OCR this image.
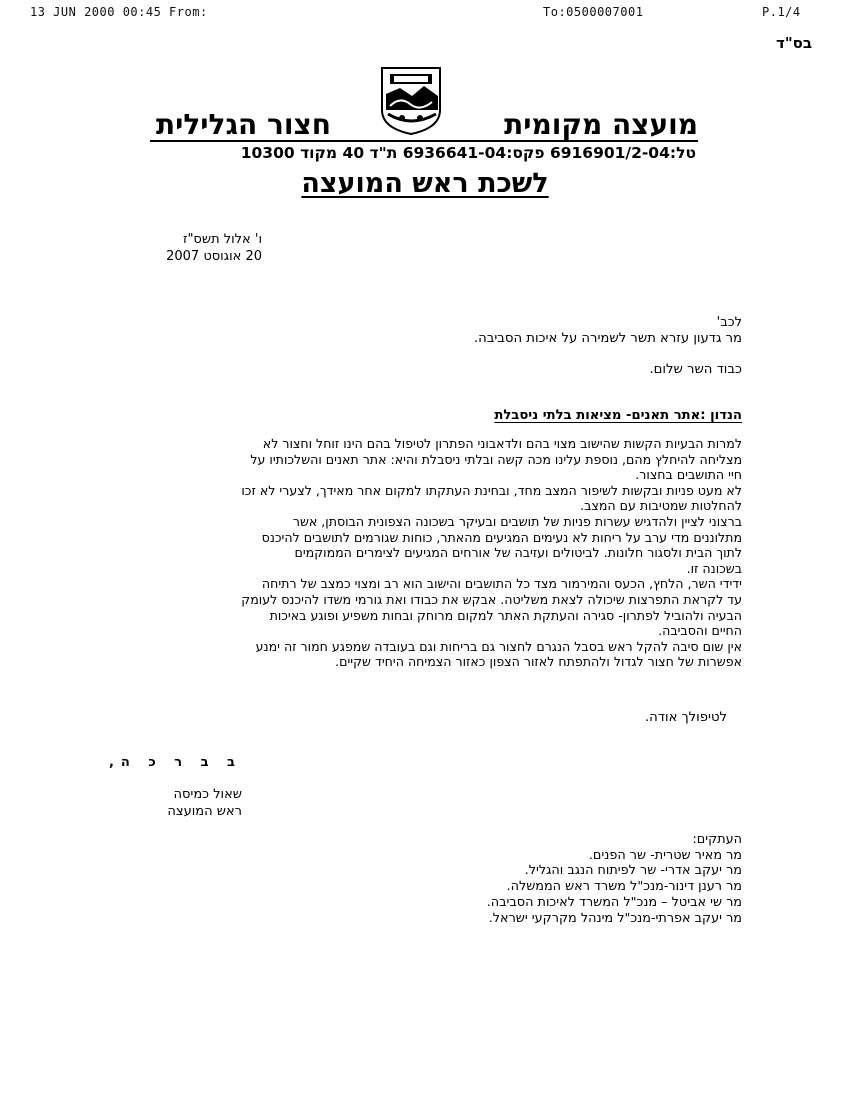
13 JUN 2000 00:45 From:	To:0500007001	P.1/4
בס"ד
מועצה מקומית
חצור הגלילית
טל:6916901/2-04 פקס:6936641-04 ת"ד 40 מקוד 10300
לשכת ראש המועצה
ו' אלול תשס"ז
20 אוגוסט 2007
לכב'
מר גדעון עזרא תשר לשמירה על איכות הסביבה.
כבוד השר שלום.
הנדון :אתר תאנים- מציאות בלתי ניסבלת
למרות הבעיות הקשות שהישוב מצוי בהם ולדאבוני הפתרון לטיפול בהם הינו זוחל וחצור לא
מצליחה להיחלץ מהם, נוספת עלינו מכה קשה ובלתי ניסבלת והיא: אתר תאנים והשלכותיו על
חיי התושבים בחצור.
לא מעט פניות ובקשות לשיפור המצב מחד, ובחינת העתקתו למקום אחר מאידך, לצערי לא זכו
להחלטות שמטיבות עם המצב.
ברצוני לציין ולהדגיש עשרות פניות של תושבים ובעיקר בשכונה הצפונית הבוסתן, אשר
מתלוננים מדי ערב על ריחות לא נעימים המגיעים מהאתר, כוחות שגורמים לתושבים להיכנס
לתוך הבית ולסגור חלונות. לביטולים ועזיבה של אורחים המגיעים לצימרים הממוקמים
בשכונה זו.
ידידי השר, הלחץ, הכעס והמירמור מצד כל התושבים והישוב הוא רב ומצוי כמצב של רתיחה
עד לקראת התפרצות שיכולה לצאת משליטה. אבקש את כבודו ואת גורמי משדו להיכנס לעומק
הבעיה ולהוביל לפתרון- סגירה והעתקת האתר למקום מרוחק ובחות משפיע ופוגע באיכות
החיים והסביבה.
אין שום סיבה להקל ראש בסבל הנגרם לחצור גם בריחות וגם בעובדה שמפגע חמור זה ימנע
אפשרות של חצור לגדול ולהתפתח לאזור הצפון כאזור הצמיחה היחיד שקיים.
לטיפולך אודה.
ב ב ר כ ה,
שאול כמיסה
ראש המועצה
העתקים:
מר מאיר שטרית- שר הפנים.
מר יעקב אדרי- שר לפיתוח הנגב והגליל.
מר רענן דינור-מנכ"ל משרד ראש הממשלה.
מר שי אביטל – מנכ"ל המשרד לאיכות הסביבה.
מר יעקב אפרתי-מנכ"ל מינהל מקרקעי ישראל.
